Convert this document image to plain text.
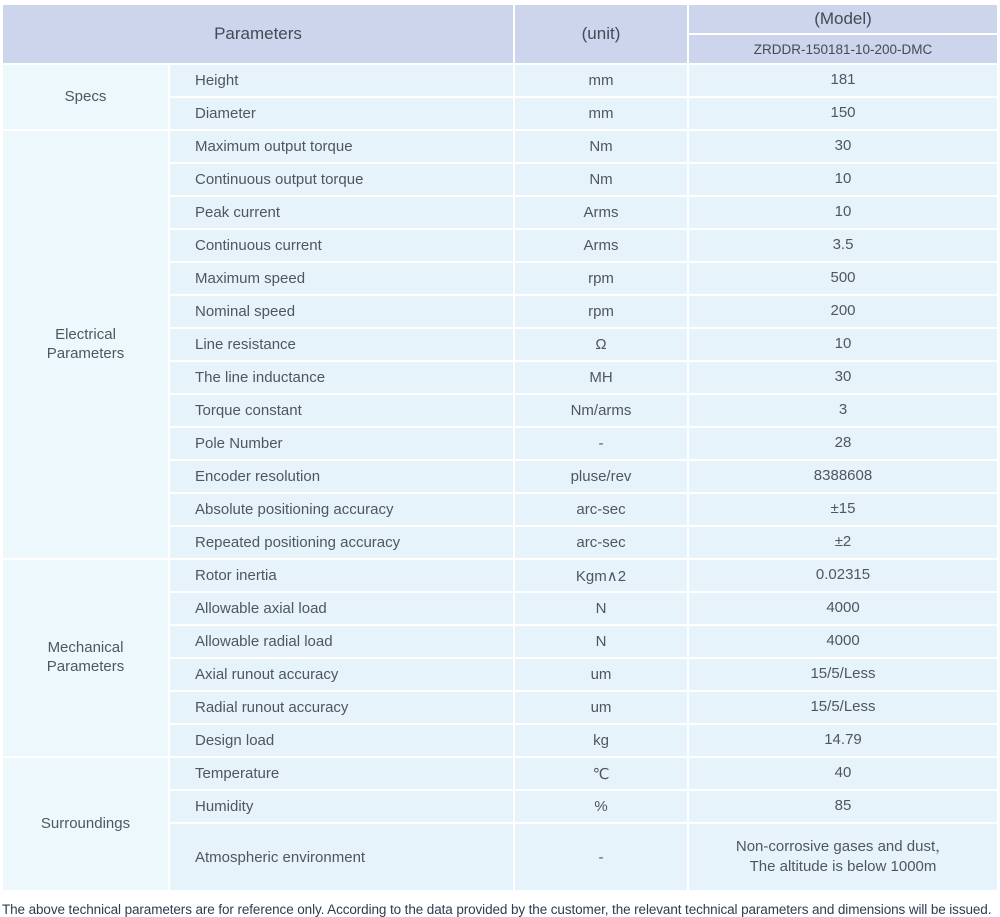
Parameters		(unit)	(Model)
			ZRDDR-150181-10-200-DMC
Specs	Height	mm	181
	Diameter	mm	150
Electrical Parameters	Maximum output torque	Nm	30
	Continuous output torque	Nm	10
	Peak current	Arms	10
	Continuous current	Arms	3.5
	Maximum speed	rpm	500
	Nominal speed	rpm	200
	Line resistance	Ω	10
	The line inductance	MH	30
	Torque constant	Nm/arms	3
	Pole Number	-	28
	Encoder resolution	pluse/rev	8388608
	Absolute positioning accuracy	arc-sec	±15
	Repeated positioning accuracy	arc-sec	±2
Mechanical Parameters	Rotor inertia	Kgm∧2	0.02315
	Allowable axial load	N	4000
	Allowable radial load	N	4000
	Axial runout accuracy	um	15/5/Less
	Radial runout accuracy	um	15/5/Less
	Design load	kg	14.79
Surroundings	Temperature	℃	40
	Humidity	%	85
	Atmospheric environment	-	Non-corrosive gases and dust，
The altitude is below 1000m
The above technical parameters are for reference only. According to the data provided by the customer, the relevant technical parameters and dimensions will be issued.
